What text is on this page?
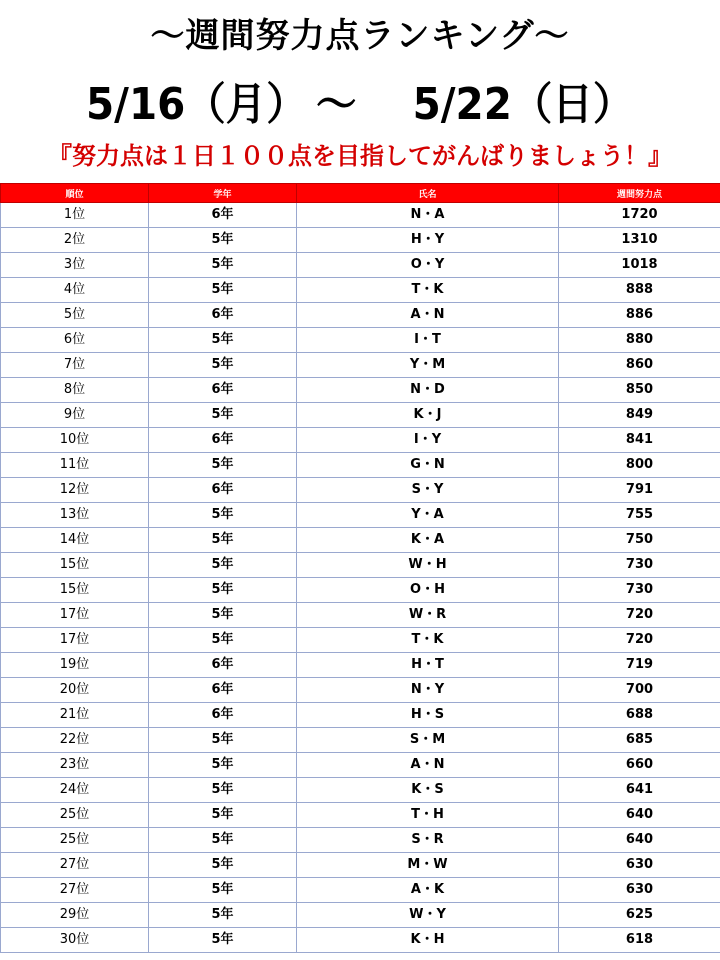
～週間努力点ランキング～
5/16（月） ～ 5/22（日）
『努力点は１日１００点を目指してがんばりましょう！』
順位	学年	氏名	週間努力点
1位	6年	N・A	1720
2位	5年	H・Y	1310
3位	5年	O・Y	1018
4位	5年	T・K	888
5位	6年	A・N	886
6位	5年	I・T	880
7位	5年	Y・M	860
8位	6年	N・D	850
9位	5年	K・J	849
10位	6年	I・Y	841
11位	5年	G・N	800
12位	6年	S・Y	791
13位	5年	Y・A	755
14位	5年	K・A	750
15位	5年	W・H	730
15位	5年	O・H	730
17位	5年	W・R	720
17位	5年	T・K	720
19位	6年	H・T	719
20位	6年	N・Y	700
21位	6年	H・S	688
22位	5年	S・M	685
23位	5年	A・N	660
24位	5年	K・S	641
25位	5年	T・H	640
25位	5年	S・R	640
27位	5年	M・W	630
27位	5年	A・K	630
29位	5年	W・Y	625
30位	5年	K・H	618
